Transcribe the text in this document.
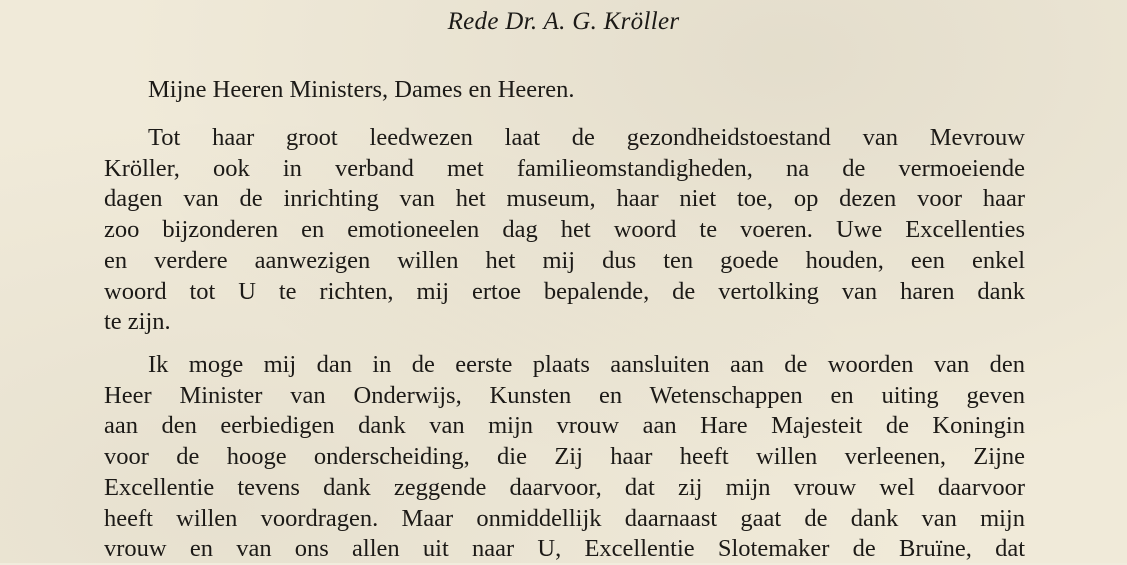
Rede Dr. A. G. Kröller
Mijne Heeren Ministers, Dames en Heeren.
Tot haar groot leedwezen laat de gezondheidstoestand van Mevrouw
Kröller, ook in verband met familieomstandigheden, na de vermoeiende
dagen van de inrichting van het museum, haar niet toe, op dezen voor haar
zoo bijzonderen en emotioneelen dag het woord te voeren. Uwe Excellenties
en verdere aanwezigen willen het mij dus ten goede houden, een enkel
woord tot U te richten, mij ertoe bepalende, de vertolking van haren dank
te zijn.
Ik moge mij dan in de eerste plaats aansluiten aan de woorden van den
Heer Minister van Onderwijs, Kunsten en Wetenschappen en uiting geven
aan den eerbiedigen dank van mijn vrouw aan Hare Majesteit de Koningin
voor de hooge onderscheiding, die Zij haar heeft willen verleenen, Zijne
Excellentie tevens dank zeggende daarvoor, dat zij mijn vrouw wel daarvoor
heeft willen voordragen. Maar onmiddellijk daarnaast gaat de dank van mijn
vrouw en van ons allen uit naar U, Excellentie Slotemaker de Bruïne, dat
